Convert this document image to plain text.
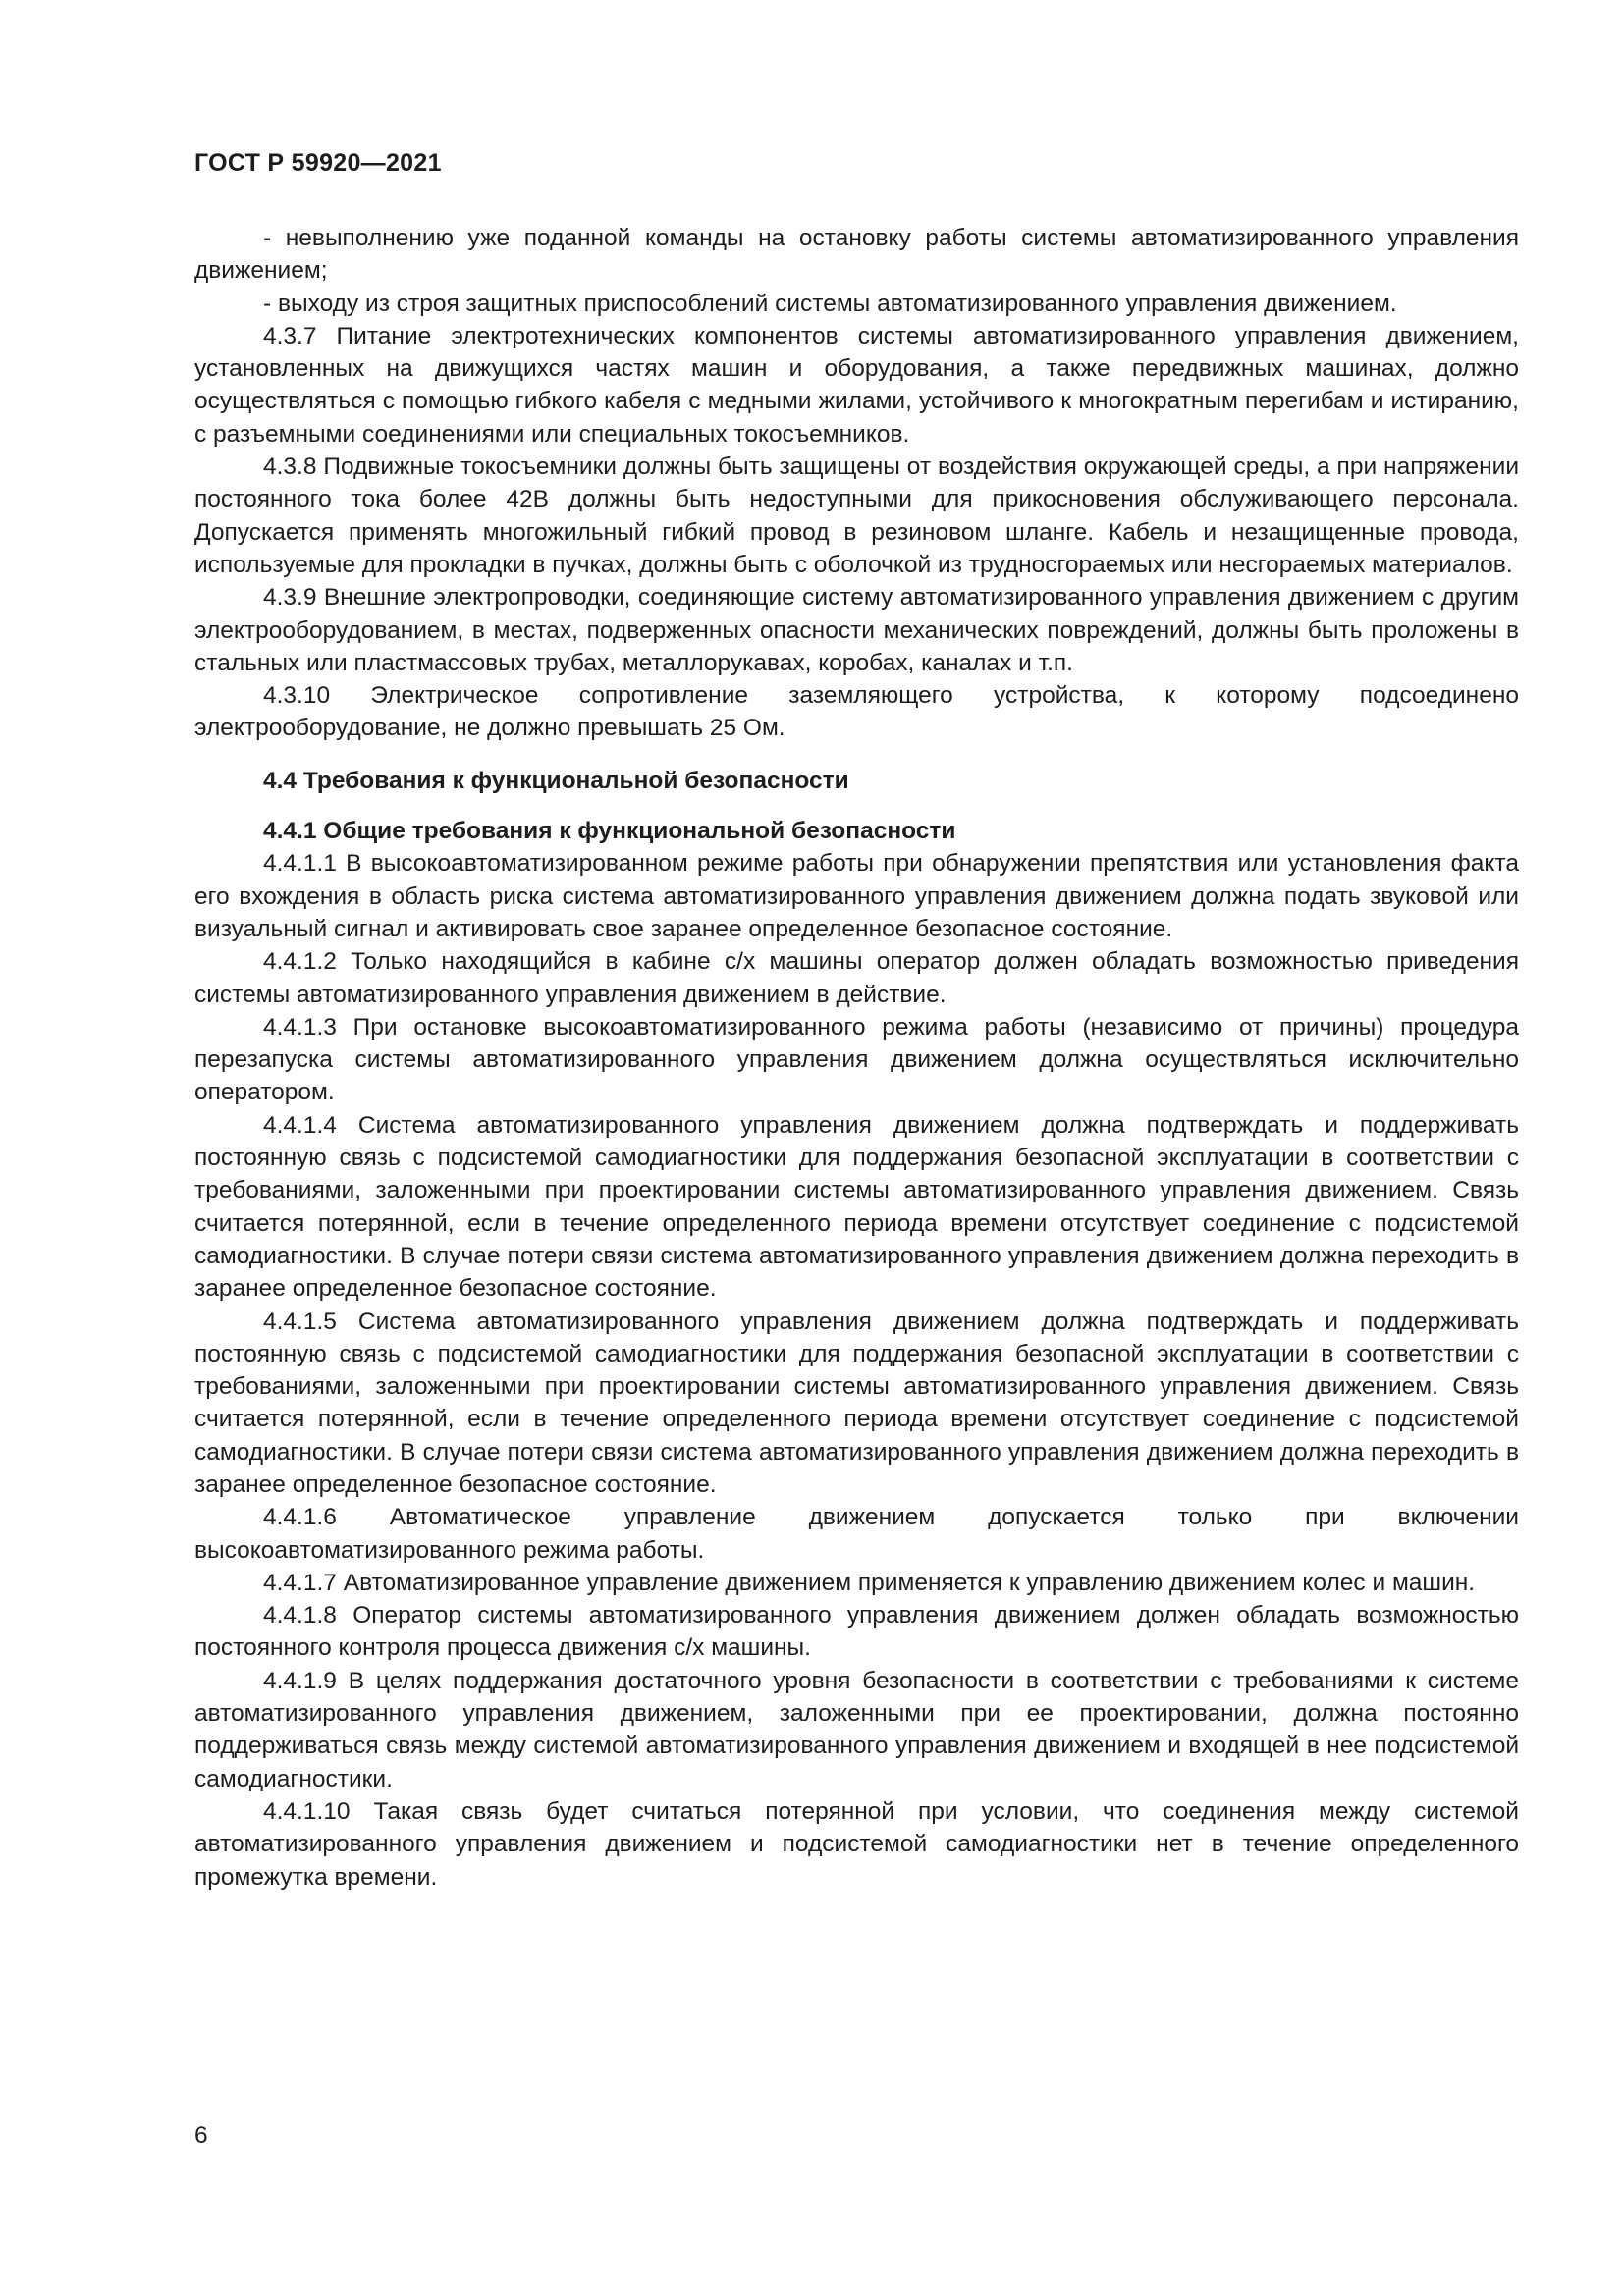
ГОСТ Р 59920—2021

- невыполнению уже поданной команды на остановку работы системы автоматизированного управления движением;

- выходу из строя защитных приспособлений системы автоматизированного управления движением.

4.3.7 Питание электротехнических компонентов системы автоматизированного управления движением, установленных на движущихся частях машин и оборудования, а также передвижных машинах, должно осуществляться с помощью гибкого кабеля с медными жилами, устойчивого к многократным перегибам и истиранию, с разъемными соединениями или специальных токосъемников.

4.3.8 Подвижные токосъемники должны быть защищены от воздействия окружающей среды, а при напряжении постоянного тока более 42В должны быть недоступными для прикосновения обслуживающего персонала. Допускается применять многожильный гибкий провод в резиновом шланге. Кабель и незащищенные провода, используемые для прокладки в пучках, должны быть с оболочкой из трудносгораемых или несгораемых материалов.

4.3.9 Внешние электропроводки, соединяющие систему автоматизированного управления движением с другим электрооборудованием, в местах, подверженных опасности механических повреждений, должны быть проложены в стальных или пластмассовых трубах, металлорукавах, коробах, каналах и т.п.

4.3.10 Электрическое сопротивление заземляющего устройства, к которому подсоединено электрооборудование, не должно превышать 25 Ом.

4.4 Требования к функциональной безопасности

4.4.1 Общие требования к функциональной безопасности

4.4.1.1 В высокоавтоматизированном режиме работы при обнаружении препятствия или установления факта его вхождения в область риска система автоматизированного управления движением должна подать звуковой или визуальный сигнал и активировать свое заранее определенное безопасное состояние.

4.4.1.2 Только находящийся в кабине с/х машины оператор должен обладать возможностью приведения системы автоматизированного управления движением в действие.

4.4.1.3 При остановке высокоавтоматизированного режима работы (независимо от причины) процедура перезапуска системы автоматизированного управления движением должна осуществляться исключительно оператором.

4.4.1.4 Система автоматизированного управления движением должна подтверждать и поддерживать постоянную связь с подсистемой самодиагностики для поддержания безопасной эксплуатации в соответствии с требованиями, заложенными при проектировании системы автоматизированного управления движением. Связь считается потерянной, если в течение определенного периода времени отсутствует соединение с подсистемой самодиагностики. В случае потери связи система автоматизированного управления движением должна переходить в заранее определенное безопасное состояние.

4.4.1.5 Система автоматизированного управления движением должна подтверждать и поддерживать постоянную связь с подсистемой самодиагностики для поддержания безопасной эксплуатации в соответствии с требованиями, заложенными при проектировании системы автоматизированного управления движением. Связь считается потерянной, если в течение определенного периода времени отсутствует соединение с подсистемой самодиагностики. В случае потери связи система автоматизированного управления движением должна переходить в заранее определенное безопасное состояние.

4.4.1.6 Автоматическое управление движением допускается только при включении высокоавтоматизированного режима работы.

4.4.1.7 Автоматизированное управление движением применяется к управлению движением колес и машин.

4.4.1.8 Оператор системы автоматизированного управления движением должен обладать возможностью постоянного контроля процесса движения с/х машины.

4.4.1.9 В целях поддержания достаточного уровня безопасности в соответствии с требованиями к системе автоматизированного управления движением, заложенными при ее проектировании, должна постоянно поддерживаться связь между системой автоматизированного управления движением и входящей в нее подсистемой самодиагностики.

4.4.1.10 Такая связь будет считаться потерянной при условии, что соединения между системой автоматизированного управления движением и подсистемой самодиагностики нет в течение определенного промежутка времени.

6
